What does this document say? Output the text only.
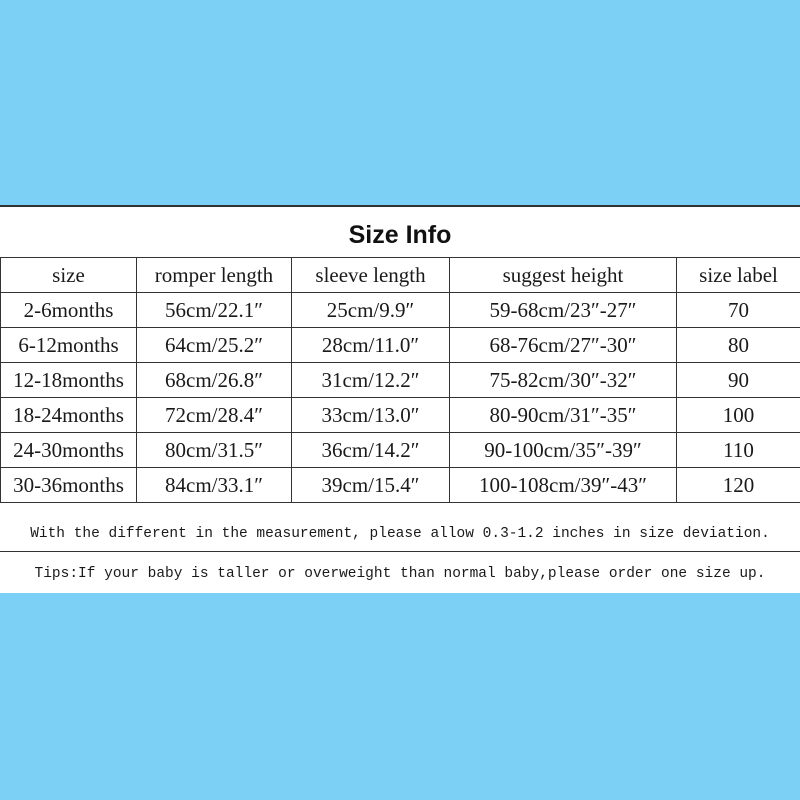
Size Info
size	romper length	sleeve length	suggest height	size label
2-6months	56cm/22.1″	25cm/9.9″	59-68cm/23″-27″	70
6-12months	64cm/25.2″	28cm/11.0″	68-76cm/27″-30″	80
12-18months	68cm/26.8″	31cm/12.2″	75-82cm/30″-32″	90
18-24months	72cm/28.4″	33cm/13.0″	80-90cm/31″-35″	100
24-30months	80cm/31.5″	36cm/14.2″	90-100cm/35″-39″	110
30-36months	84cm/33.1″	39cm/15.4″	100-108cm/39″-43″	120
With the different in the measurement, please allow 0.3-1.2 inches in size deviation.
Tips:If your baby is taller or overweight than normal baby,please order one size up.
